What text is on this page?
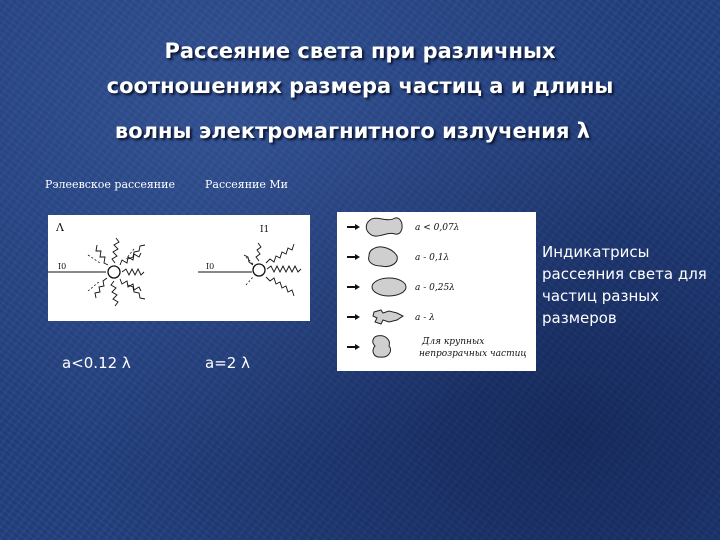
Рассеяние света при различных
соотношениях размера частиц a и длины
волны электромагнитного излучения λ
Рэлеевское рассеяние	Рассеяние Ми
Λ
I0
I1
I0
a<0.12 λ	a=2 λ
a < 0,07λ
a - 0,1λ
a - 0,25λ
a - λ
Для крупных
непрозрачных частиц
Индикатрисы рассеяния света для частиц разных размеров
